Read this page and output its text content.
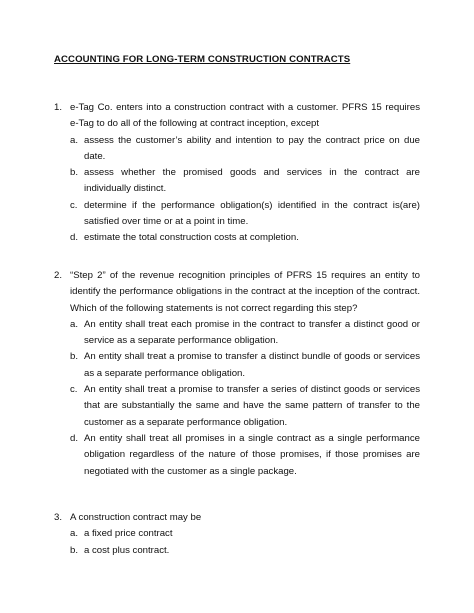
ACCOUNTING FOR LONG-TERM CONSTRUCTION CONTRACTS
1. e-Tag Co. enters into a construction contract with a customer. PFRS 15 requires e-Tag to do all of the following at contract inception, except
a. assess the customer’s ability and intention to pay the contract price on due date.
b. assess whether the promised goods and services in the contract are individually distinct.
c. determine if the performance obligation(s) identified in the contract is(are) satisfied over time or at a point in time.
d. estimate the total construction costs at completion.
2. “Step 2” of the revenue recognition principles of PFRS 15 requires an entity to identify the performance obligations in the contract at the inception of the contract. Which of the following statements is not correct regarding this step?
a. An entity shall treat each promise in the contract to transfer a distinct good or service as a separate performance obligation.
b. An entity shall treat a promise to transfer a distinct bundle of goods or services as a separate performance obligation.
c. An entity shall treat a promise to transfer a series of distinct goods or services that are substantially the same and have the same pattern of transfer to the customer as a separate performance obligation.
d. An entity shall treat all promises in a single contract as a single performance obligation regardless of the nature of those promises, if those promises are negotiated with the customer as a single package.
3. A construction contract may be
a. a fixed price contract
b. a cost plus contract.
